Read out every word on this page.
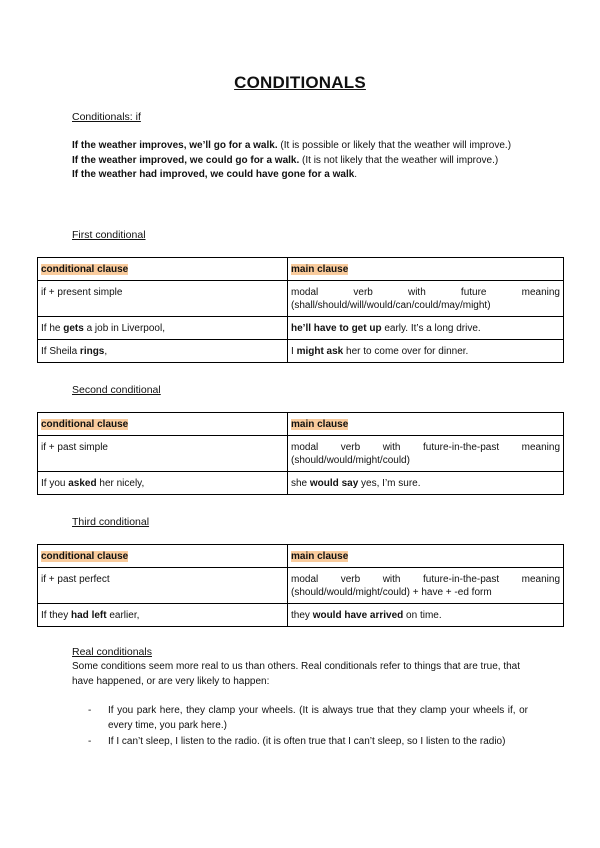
CONDITIONALS
Conditionals: if
If the weather improves, we’ll go for a walk. (It is possible or likely that the weather will improve.)
If the weather improved, we could go for a walk. (It is not likely that the weather will improve.)
If the weather had improved, we could have gone for a walk.
First conditional
conditional clause	main clause
if + present simple	modal verb with future meaning (shall/should/will/would/can/could/may/might)
If he gets a job in Liverpool,	he’ll have to get up early. It’s a long drive.
If Sheila rings,	I might ask her to come over for dinner.
Second conditional
conditional clause	main clause
if + past simple	modal verb with future-in-the-past meaning (should/would/might/could)
If you asked her nicely,	she would say yes, I’m sure.
Third conditional
conditional clause	main clause
if + past perfect	modal verb with future-in-the-past meaning (should/would/might/could) + have + -ed form
If they had left earlier,	they would have arrived on time.
Real conditionals
Some conditions seem more real to us than others. Real conditionals refer to things that are true, that have happened, or are very likely to happen:
- If you park here, they clamp your wheels. (It is always true that they clamp your wheels if, or every time, you park here.)
- If I can’t sleep, I listen to the radio. (it is often true that I can’t sleep, so I listen to the radio)
